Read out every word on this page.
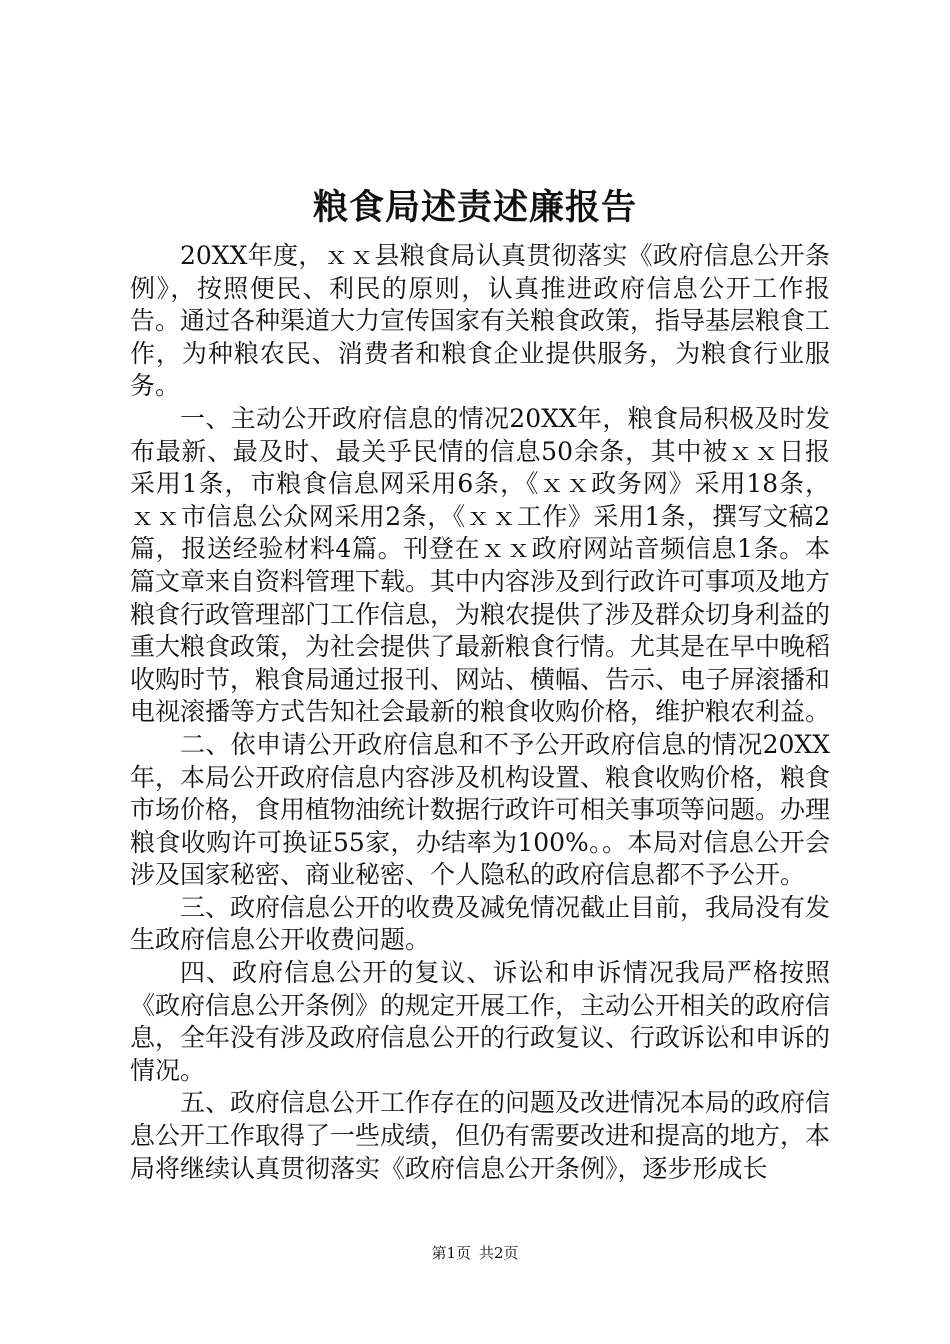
粮食局述责述廉报告

20XX年度，ｘｘ县粮食局认真贯彻落实《政府信息公开条例》，按照便民、利民的原则，认真推进政府信息公开工作报告。通过各种渠道大力宣传国家有关粮食政策，指导基层粮食工作，为种粮农民、消费者和粮食企业提供服务，为粮食行业服务。

一、主动公开政府信息的情况20XX年，粮食局积极及时发布最新、最及时、最关乎民情的信息50余条，其中被ｘｘ日报采用1条，市粮食信息网采用6条，《ｘｘ政务网》采用18条，ｘｘ市信息公众网采用2条，《ｘｘ工作》采用1条，撰写文稿2篇，报送经验材料4篇。刊登在ｘｘ政府网站音频信息1条。本篇文章来自资料管理下载。其中内容涉及到行政许可事项及地方粮食行政管理部门工作信息，为粮农提供了涉及群众切身利益的重大粮食政策，为社会提供了最新粮食行情。尤其是在早中晚稻收购时节，粮食局通过报刊、网站、横幅、告示、电子屏滚播和电视滚播等方式告知社会最新的粮食收购价格，维护粮农利益。

二、依申请公开政府信息和不予公开政府信息的情况20XX年，本局公开政府信息内容涉及机构设置、粮食收购价格，粮食市场价格，食用植物油统计数据行政许可相关事项等问题。办理粮食收购许可换证55家，办结率为100%。。本局对信息公开会涉及国家秘密、商业秘密、个人隐私的政府信息都不予公开。

三、政府信息公开的收费及减免情况截止目前，我局没有发生政府信息公开收费问题。

四、政府信息公开的复议、诉讼和申诉情况我局严格按照《政府信息公开条例》的规定开展工作，主动公开相关的政府信息，全年没有涉及政府信息公开的行政复议、行政诉讼和申诉的情况。

五、政府信息公开工作存在的问题及改进情况本局的政府信息公开工作取得了一些成绩，但仍有需要改进和提高的地方，本局将继续认真贯彻落实《政府信息公开条例》，逐步形成长

第1页 共2页
